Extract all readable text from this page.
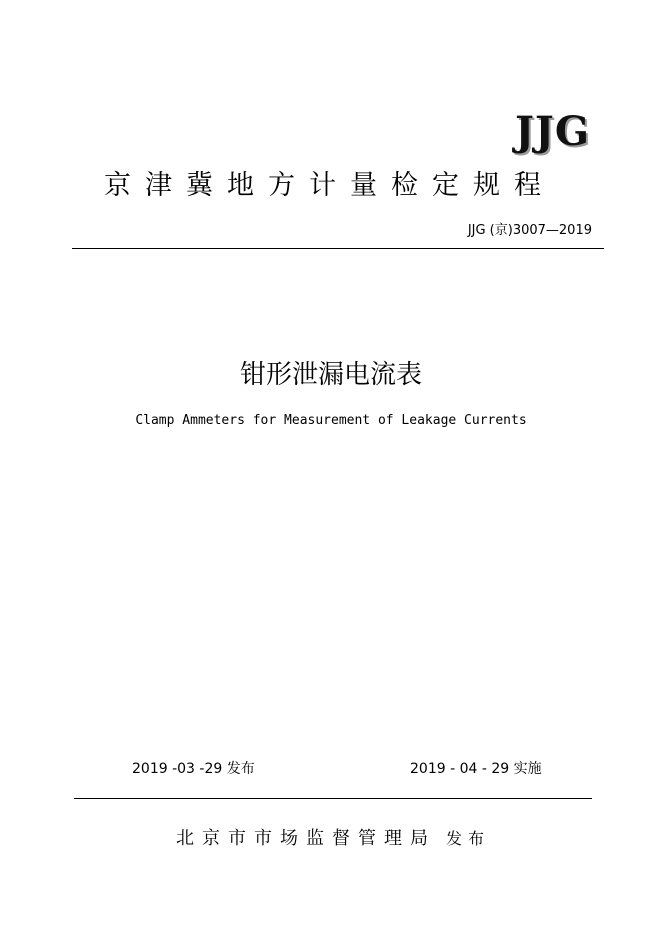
JJG
京津冀地方计量检定规程
JJG (京)3007—2019
钳形泄漏电流表
Clamp Ammeters for Measurement of Leakage Currents
2019 -03 -29 发布	2019 - 04 - 29 实施
北京市市场监督管理局 发布
